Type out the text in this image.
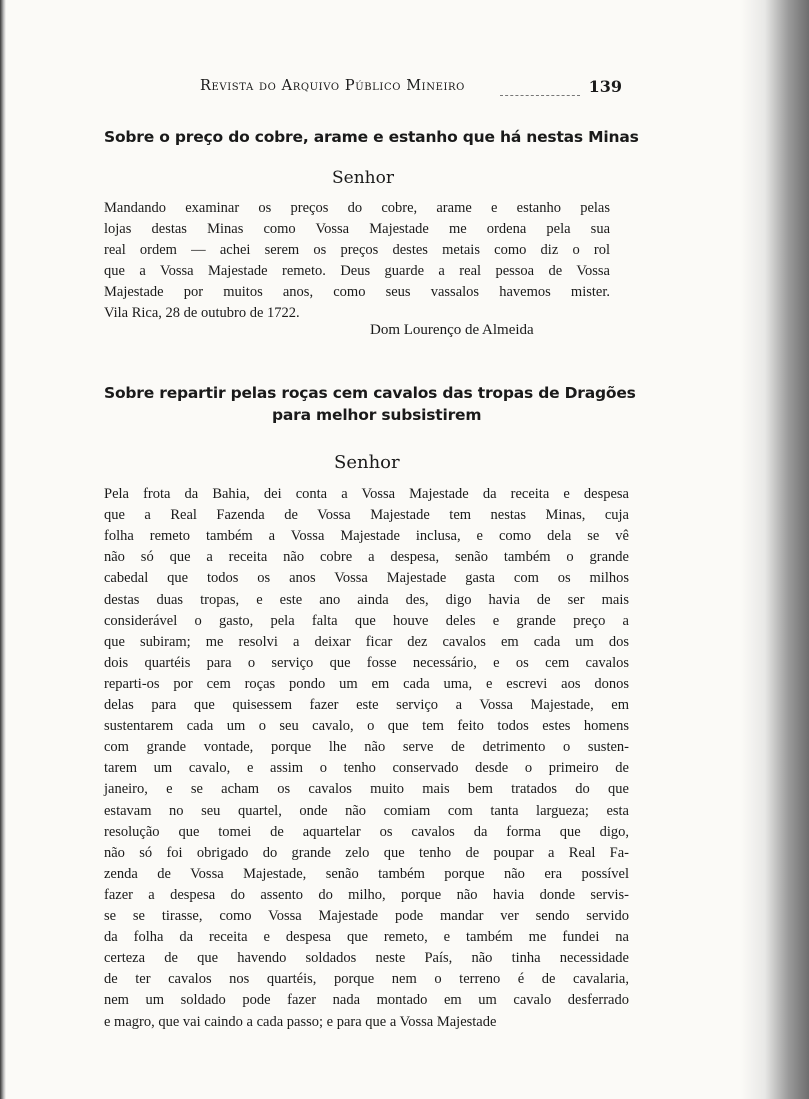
Revista do Arquivo Público Mineiro	139
Sobre o preço do cobre, arame e estanho que há nestas Minas
Senhor
Mandando examinar os preços do cobre, arame e estanho pelas
lojas destas Minas como Vossa Majestade me ordena pela sua
real ordem — achei serem os preços destes metais como diz o rol
que a Vossa Majestade remeto. Deus guarde a real pessoa de Vossa
Majestade por muitos anos, como seus vassalos havemos mister.
Vila Rica, 28 de outubro de 1722.
Dom Lourenço de Almeida
Sobre repartir pelas roças cem cavalos das tropas de Dragões
para melhor subsistirem
Senhor
Pela frota da Bahia, dei conta a Vossa Majestade da receita e despesa
que a Real Fazenda de Vossa Majestade tem nestas Minas, cuja
folha remeto também a Vossa Majestade inclusa, e como dela se vê
não só que a receita não cobre a despesa, senão também o grande
cabedal que todos os anos Vossa Majestade gasta com os milhos
destas duas tropas, e este ano ainda des, digo havia de ser mais
considerável o gasto, pela falta que houve deles e grande preço a
que subiram; me resolvi a deixar ficar dez cavalos em cada um dos
dois quartéis para o serviço que fosse necessário, e os cem cavalos
reparti-os por cem roças pondo um em cada uma, e escrevi aos donos
delas para que quisessem fazer este serviço a Vossa Majestade, em
sustentarem cada um o seu cavalo, o que tem feito todos estes homens
com grande vontade, porque lhe não serve de detrimento o susten-
tarem um cavalo, e assim o tenho conservado desde o primeiro de
janeiro, e se acham os cavalos muito mais bem tratados do que
estavam no seu quartel, onde não comiam com tanta largueza; esta
resolução que tomei de aquartelar os cavalos da forma que digo,
não só foi obrigado do grande zelo que tenho de poupar a Real Fa-
zenda de Vossa Majestade, senão também porque não era possível
fazer a despesa do assento do milho, porque não havia donde servis-
se se tirasse, como Vossa Majestade pode mandar ver sendo servido
da folha da receita e despesa que remeto, e também me fundei na
certeza de que havendo soldados neste País, não tinha necessidade
de ter cavalos nos quartéis, porque nem o terreno é de cavalaria,
nem um soldado pode fazer nada montado em um cavalo desferrado
e magro, que vai caindo a cada passo; e para que a Vossa Majestade
